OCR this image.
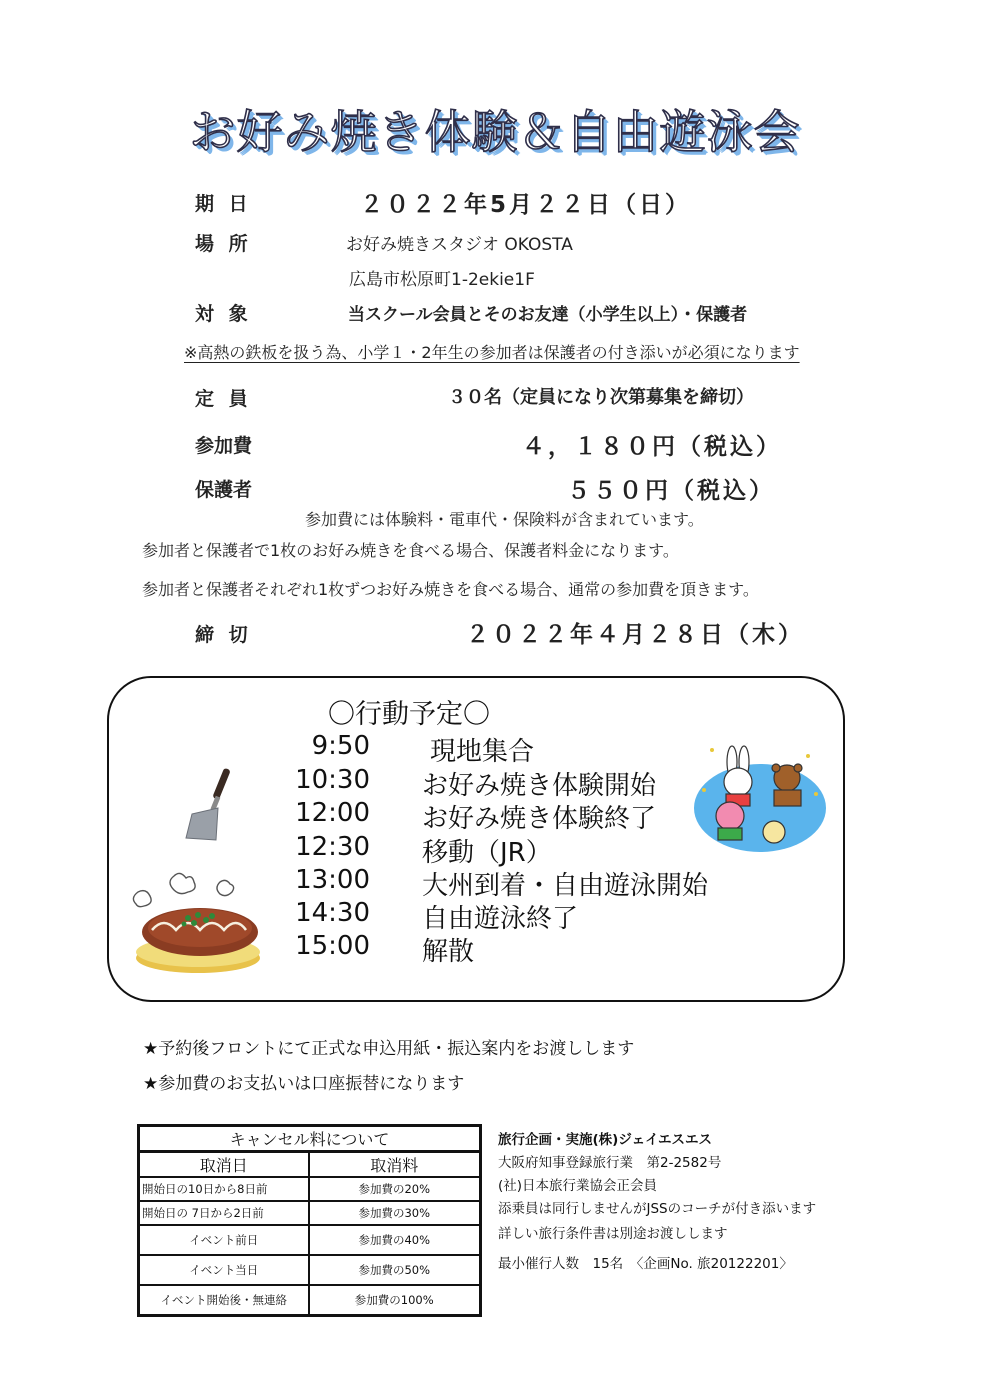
お好み焼き体験＆自由遊泳会
期 日	２０２２年5月２２日（日）
場 所	お好み焼きスタジオ OKOSTA
広島市松原町1-2ekie1F
対 象	当スクール会員とそのお友達（小学生以上）・保護者
※高熱の鉄板を扱う為、小学１・2年生の参加者は保護者の付き添いが必須になります
定 員	３０名（定員になり次第募集を締切）
参加費	４，１８０円（税込）
保護者	５５０円（税込）
参加費には体験料・電車代・保険料が含まれています。
参加者と保護者で1枚のお好み焼きを食べる場合、保護者料金になります。
参加者と保護者それぞれ1枚ずつお好み焼きを食べる場合、通常の参加費を頂きます。
締 切	２０２２年４月２８日（木）
〇行動予定〇
9:50 現地集合
10:30 お好み焼き体験開始
12:00 お好み焼き体験終了
12:30 移動（JR）
13:00 大州到着・自由遊泳開始
14:30 自由遊泳終了
15:00 解散
★予約後フロントにて正式な申込用紙・振込案内をお渡しします
★参加費のお支払いは口座振替になります
キャンセル料について	
取消日	取消料
開始日の10日から8日前	参加費の20%
開始日の 7日から2日前	参加費の30%
イベント前日	参加費の40%
イベント当日	参加費の50%
イベント開始後・無連絡	参加費の100%
旅行企画・実施(株)ジェイエスエス
大阪府知事登録旅行業　第2-2582号
(社)日本旅行業協会正会員
添乗員は同行しませんがJSSのコーチが付き添います
詳しい旅行条件書は別途お渡しします
最小催行人数　15名　〈企画No. 旅20122201〉
